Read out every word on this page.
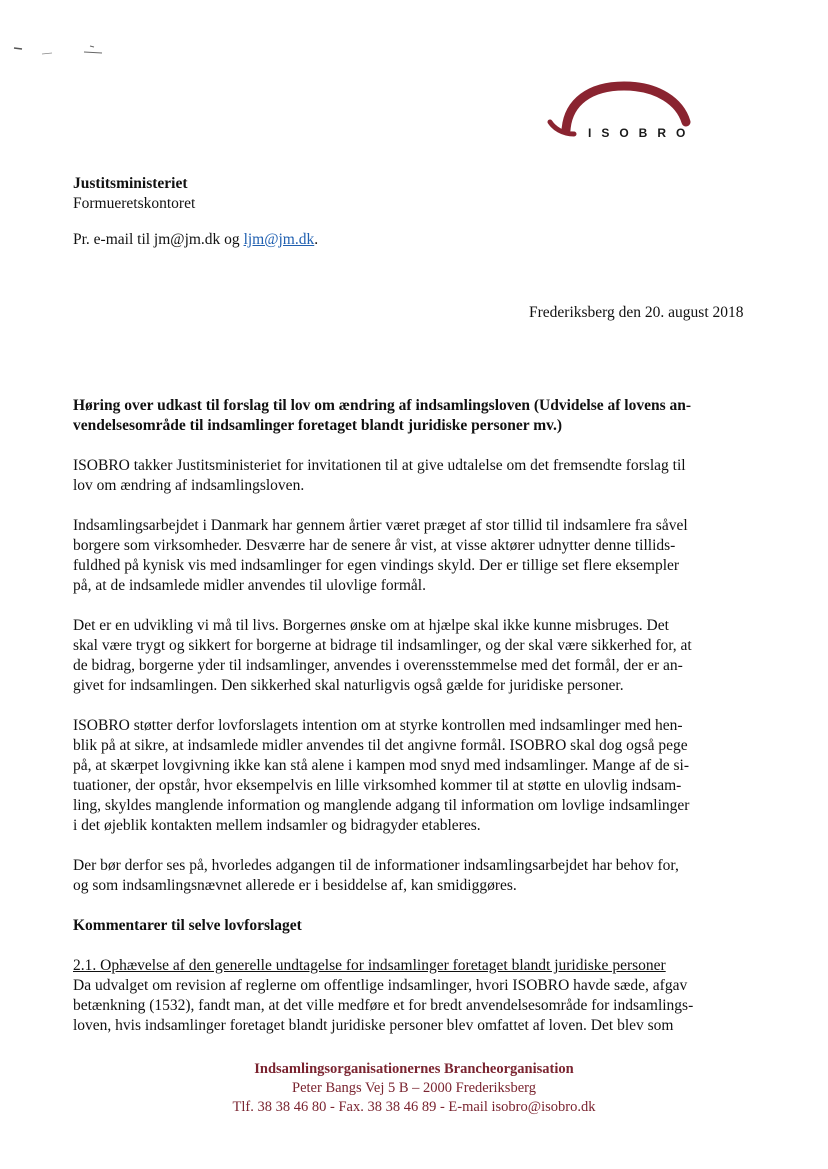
ISOBRO
Justitsministeriet
Formueretskontoret
Pr. e-mail til jm@jm.dk og ljm@jm.dk.
Frederiksberg den 20. august 2018

Høring over udkast til forslag til lov om ændring af indsamlingsloven (Udvidelse af lovens an-
vendelsesområde til indsamlinger foretaget blandt juridiske personer mv.)

ISOBRO takker Justitsministeriet for invitationen til at give udtalelse om det fremsendte forslag til
lov om ændring af indsamlingsloven.

Indsamlingsarbejdet i Danmark har gennem årtier været præget af stor tillid til indsamlere fra såvel
borgere som virksomheder. Desværre har de senere år vist, at visse aktører udnytter denne tillids-
fuldhed på kynisk vis med indsamlinger for egen vindings skyld. Der er tillige set flere eksempler
på, at de indsamlede midler anvendes til ulovlige formål.

Det er en udvikling vi må til livs. Borgernes ønske om at hjælpe skal ikke kunne misbruges. Det
skal være trygt og sikkert for borgerne at bidrage til indsamlinger, og der skal være sikkerhed for, at
de bidrag, borgerne yder til indsamlinger, anvendes i overensstemmelse med det formål, der er an-
givet for indsamlingen. Den sikkerhed skal naturligvis også gælde for juridiske personer.

ISOBRO støtter derfor lovforslagets intention om at styrke kontrollen med indsamlinger med hen-
blik på at sikre, at indsamlede midler anvendes til det angivne formål. ISOBRO skal dog også pege
på, at skærpet lovgivning ikke kan stå alene i kampen mod snyd med indsamlinger. Mange af de si-
tuationer, der opstår, hvor eksempelvis en lille virksomhed kommer til at støtte en ulovlig indsam-
ling, skyldes manglende information og manglende adgang til information om lovlige indsamlinger
i det øjeblik kontakten mellem indsamler og bidragyder etableres.

Der bør derfor ses på, hvorledes adgangen til de informationer indsamlingsarbejdet har behov for,
og som indsamlingsnævnet allerede er i besiddelse af, kan smidiggøres.

Kommentarer til selve lovforslaget

2.1. Ophævelse af den generelle undtagelse for indsamlinger foretaget blandt juridiske personer
Da udvalget om revision af reglerne om offentlige indsamlinger, hvori ISOBRO havde sæde, afgav
betænkning (1532), fandt man, at det ville medføre et for bredt anvendelsesområde for indsamlings-
loven, hvis indsamlinger foretaget blandt juridiske personer blev omfattet af loven. Det blev som

Indsamlingsorganisationernes Brancheorganisation
Peter Bangs Vej 5 B – 2000 Frederiksberg
Tlf. 38 38 46 80 - Fax. 38 38 46 89 - E-mail isobro@isobro.dk
